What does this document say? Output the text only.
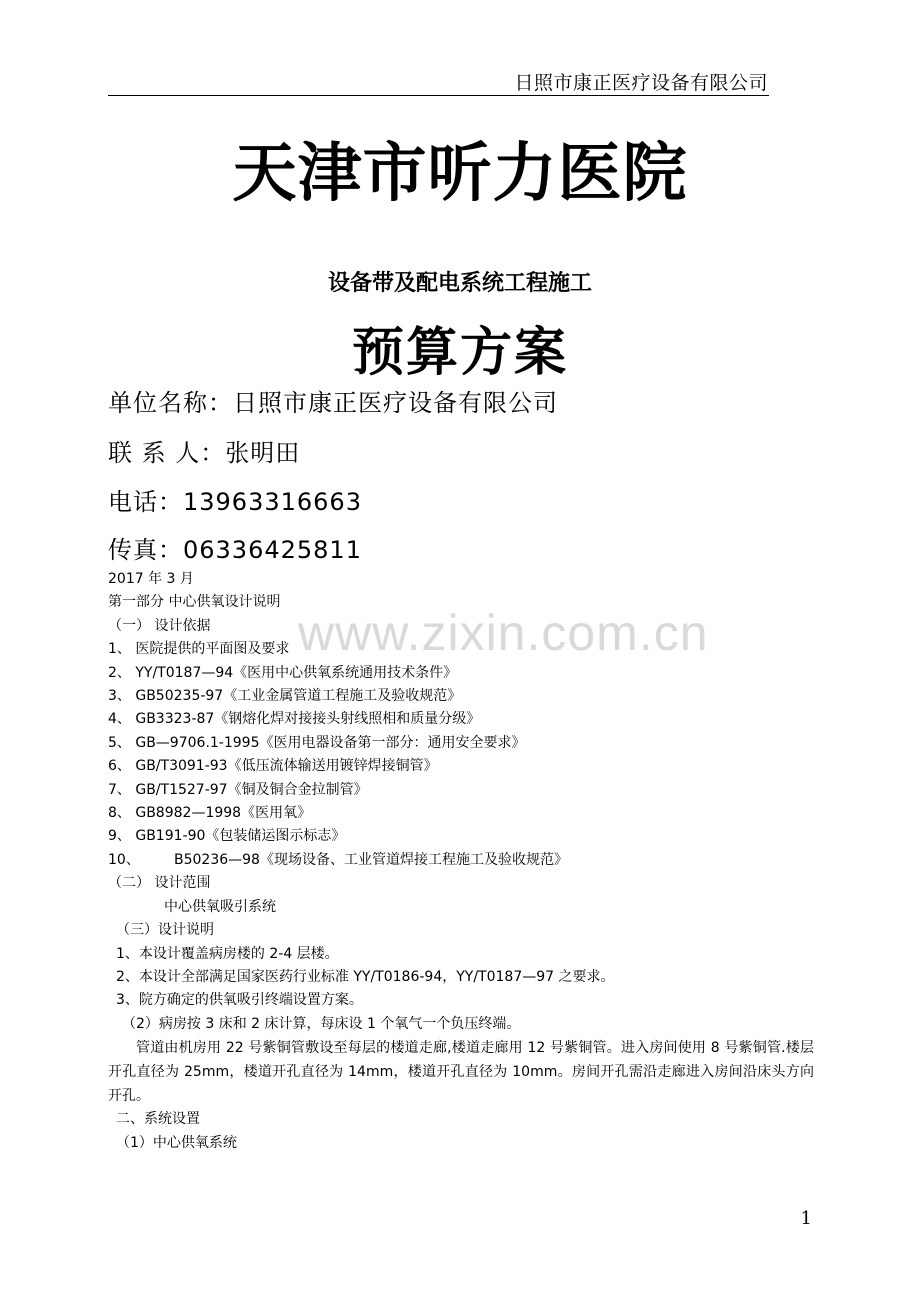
日照市康正医疗设备有限公司
天津市听力医院
设备带及配电系统工程施工
预算方案
单位名称：日照市康正医疗设备有限公司
联 系 人：张明田
电话：13963316663
传真：06336425811
www.zixin.com.cn
2017 年 3 月
第一部分 中心供氧设计说明
（一） 设计依据
1、 医院提供的平面图及要求
2、 YY/T0187—94《医用中心供氧系统通用技术条件》
3、 GB50235-97《工业金属管道工程施工及验收规范》
4、 GB3323-87《钢熔化焊对接接头射线照相和质量分级》
5、 GB—9706.1-1995《医用电器设备第一部分：通用安全要求》
6、 GB/T3091-93《低压流体输送用镀锌焊接铜管》
7、 GB/T1527-97《铜及铜合金拉制管》
8、 GB8982—1998《医用氧》
9、 GB191-90《包装储运图示标志》
10、 B50236—98《现场设备、工业管道焊接工程施工及验收规范》
（二） 设计范围
中心供氧吸引系统
（三）设计说明
1、本设计覆盖病房楼的 2-4 层楼。
2、本设计全部满足国家医药行业标准 YY/T0186-94，YY/T0187—97 之要求。
3、院方确定的供氧吸引终端设置方案。
（2）病房按 3 床和 2 床计算，每床设 1 个氧气一个负压终端。
管道由机房用 22 号紫铜管敷设至每层的楼道走廊,楼道走廊用 12 号紫铜管。进入房间使用 8 号紫铜管.楼层开孔直径为 25mm，楼道开孔直径为 14mm，楼道开孔直径为 10mm。房间开孔需沿走廊进入房间沿床头方向开孔。
二、系统设置
（1）中心供氧系统
1
